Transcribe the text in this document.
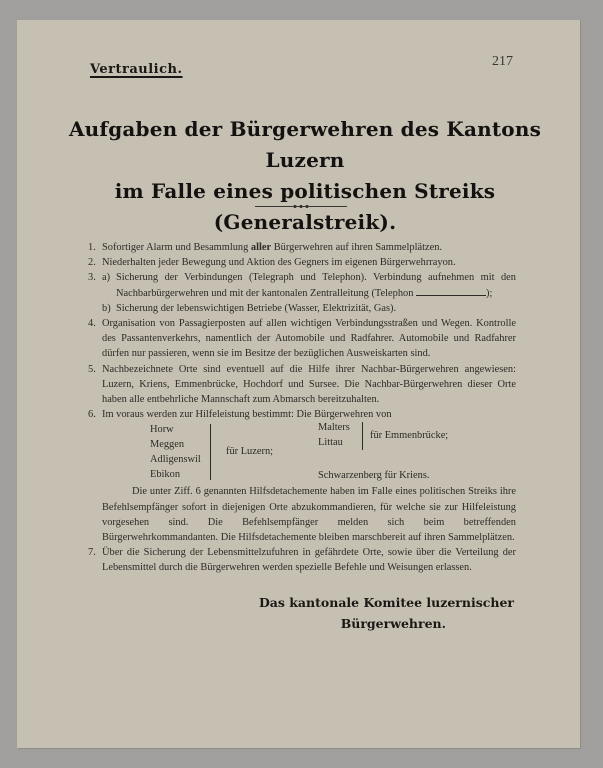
Vertraulich.
217
Aufgaben der Bürgerwehren des Kantons Luzern
im Falle eines politischen Streiks (Generalstreik).
1. Sofortiger Alarm und Besammlung aller Bürgerwehren auf ihren Sammelplätzen.
2. Niederhalten jeder Bewegung und Aktion des Gegners im eigenen Bürgerwehrrayon.
3. a) Sicherung der Verbindungen (Telegraph und Telephon). Verbindung aufnehmen mit den Nachbarbürgerwehren und mit der kantonalen Zentralleitung (Telephon	);
b) Sicherung der lebenswichtigen Betriebe (Wasser, Elektrizität, Gas).
4. Organisation von Passagierposten auf allen wichtigen Verbindungsstraßen und Wegen. Kontrolle des Passantenverkehrs, namentlich der Automobile und Radfahrer. Automobile und Radfahrer dürfen nur passieren, wenn sie im Besitze der bezüglichen Ausweiskarten sind.
5. Nachbezeichnete Orte sind eventuell auf die Hilfe ihrer Nachbar-Bürgerwehren angewiesen: Luzern, Kriens, Emmenbrücke, Hochdorf und Sursee. Die Nachbar-Bürgerwehren dieser Orte haben alle entbehrliche Mannschaft zum Abmarsch bereitzuhalten.
6. Im voraus werden zur Hilfeleistung bestimmt: Die Bürgerwehren von
Horw
Meggen
Adligenswil
Ebikon
für Luzern;
Malters
Littau
für Emmenbrücke;
Schwarzenberg für Kriens.
Die unter Ziff. 6 genannten Hilfsdetachemente haben im Falle eines politischen Streiks ihre Befehlsempfänger sofort in diejenigen Orte abzukommandieren, für welche sie zur Hilfeleistung vorgesehen sind. Die Befehlsempfänger melden sich beim betreffenden Bürgerwehrkommandanten. Die Hilfsdetachemente bleiben marschbereit auf ihren Sammelplätzen.
7. Über die Sicherung der Lebensmittelzufuhren in gefährdete Orte, sowie über die Verteilung der Lebensmittel durch die Bürgerwehren werden spezielle Befehle und Weisungen erlassen.
Das kantonale Komitee luzernischer
Bürgerwehren.
